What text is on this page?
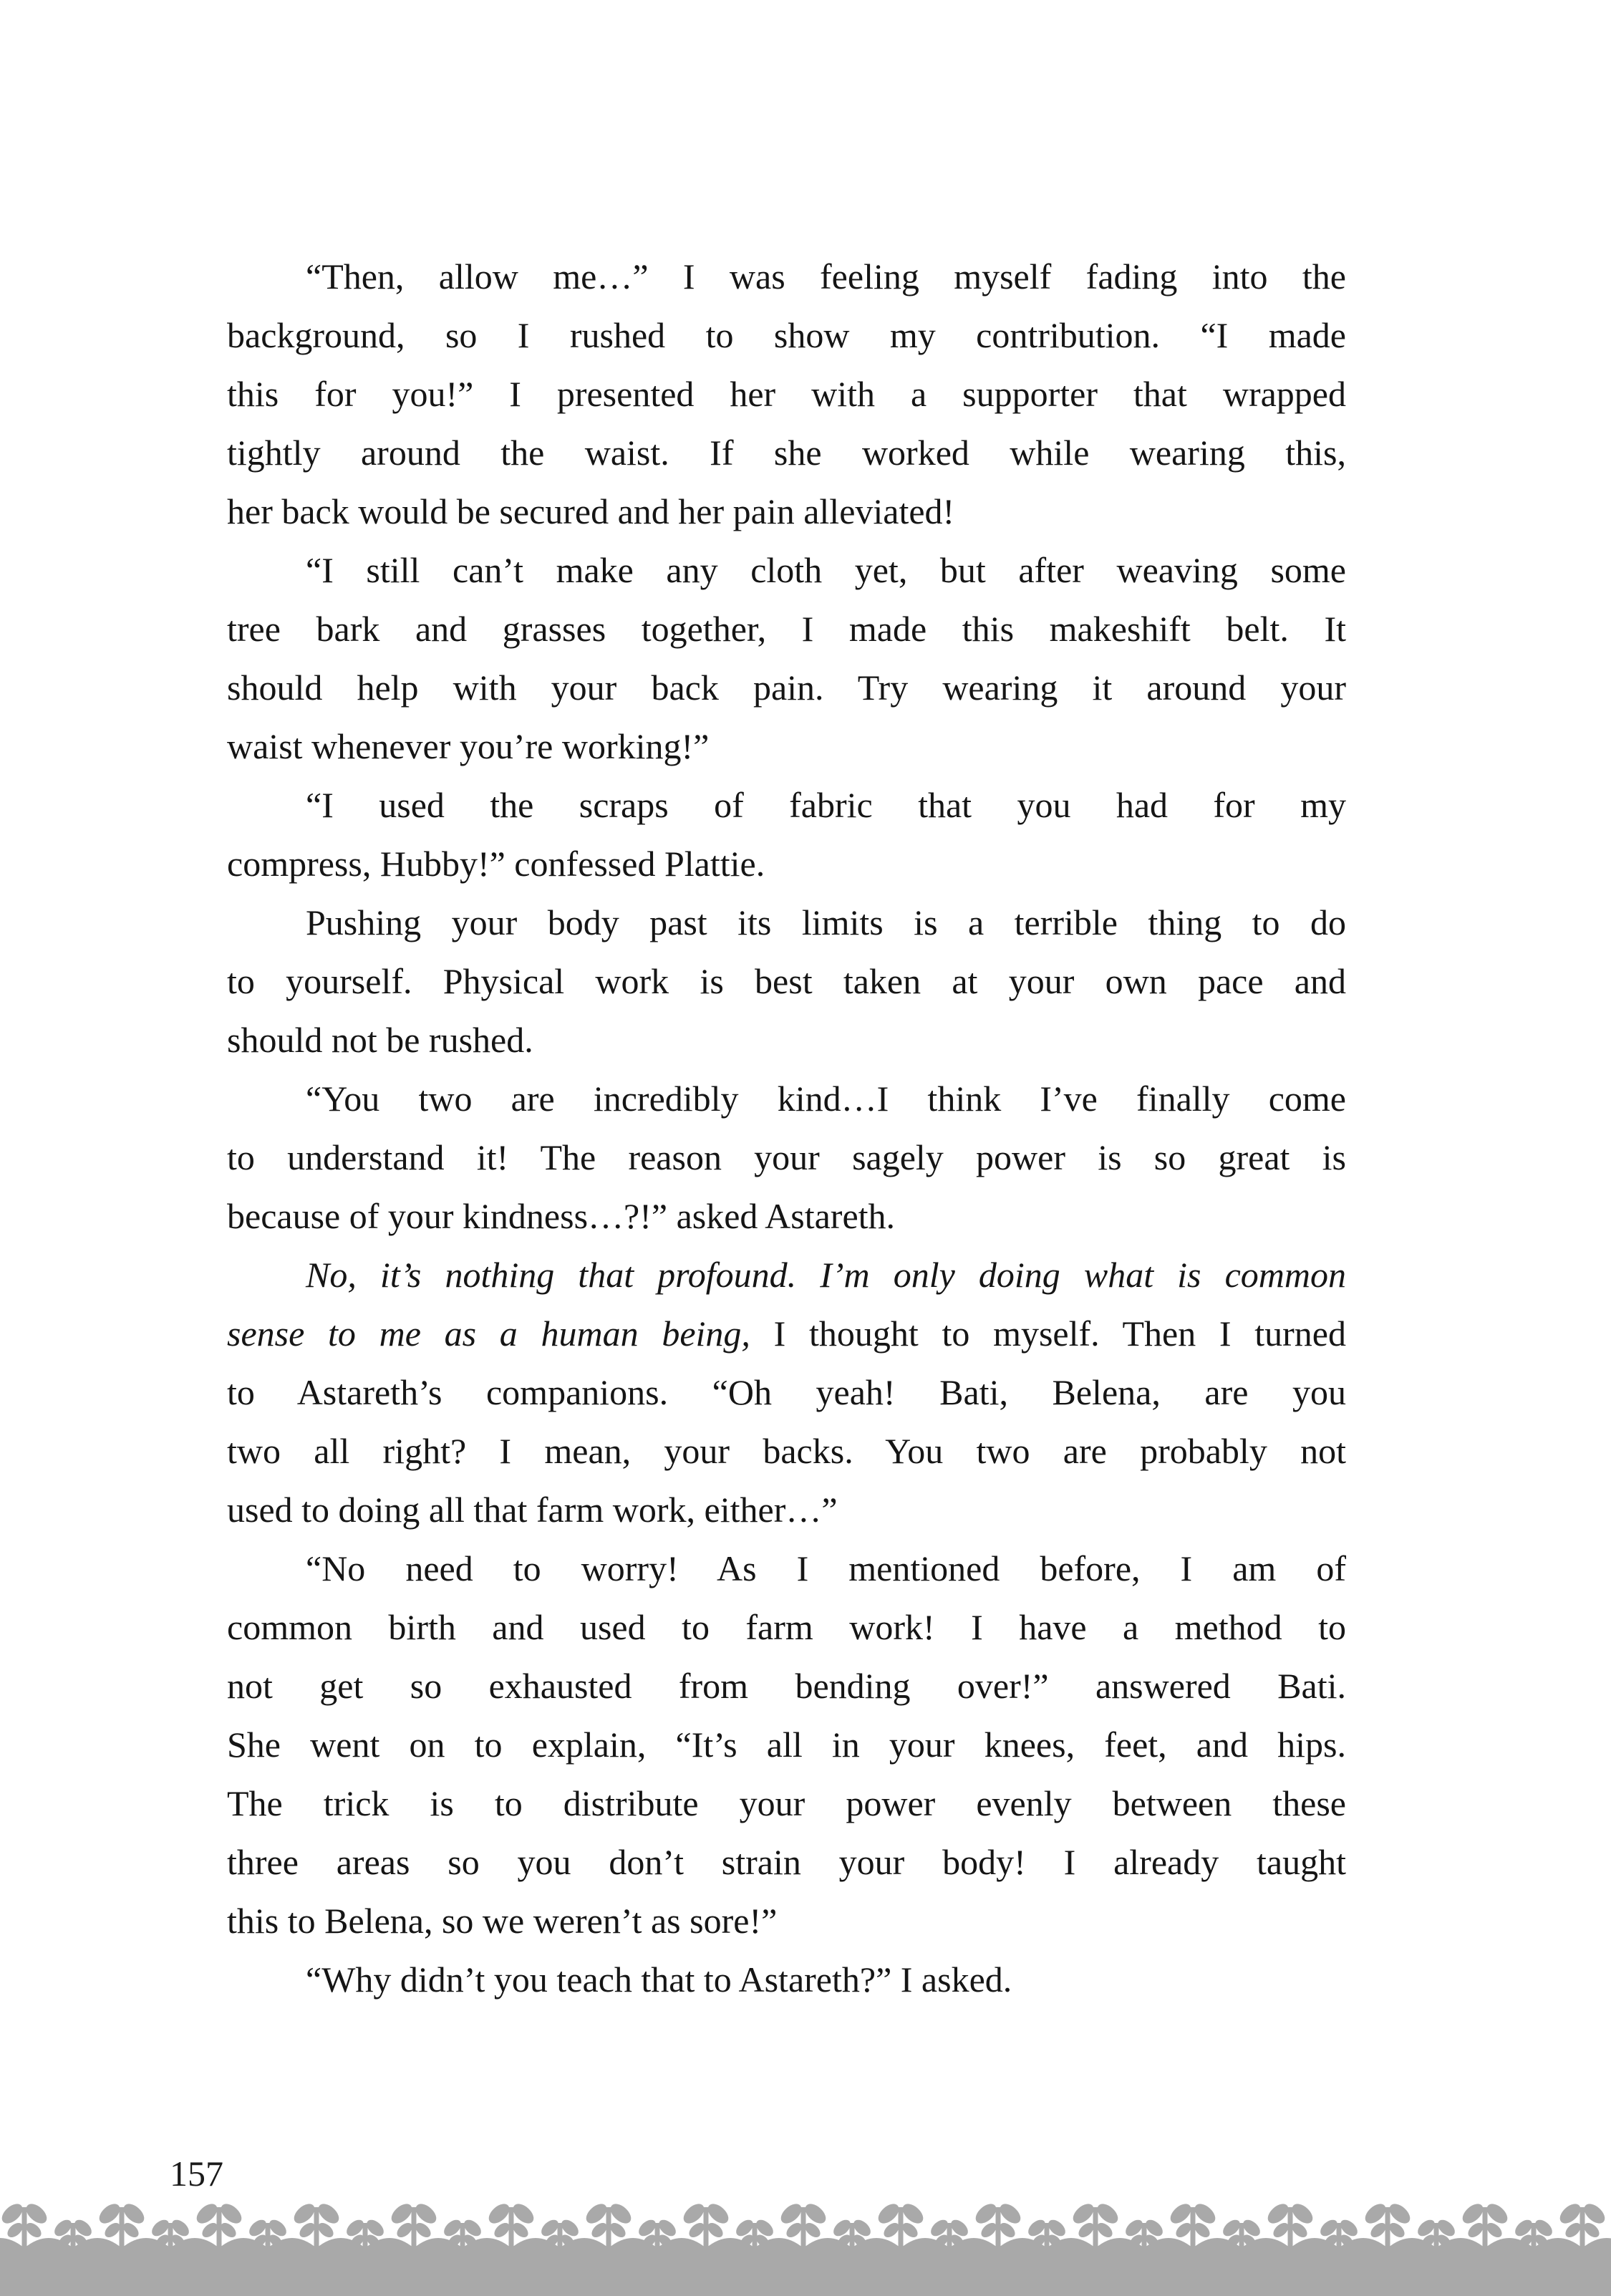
“Then, allow me…” I was feeling myself fading into the
background, so I rushed to show my contribution. “I made
this for you!” I presented her with a supporter that wrapped
tightly around the waist. If she worked while wearing this,
her back would be secured and her pain alleviated!
“I still can’t make any cloth yet, but after weaving some
tree bark and grasses together, I made this makeshift belt. It
should help with your back pain. Try wearing it around your
waist whenever you’re working!”
“I used the scraps of fabric that you had for my
compress, Hubby!” confessed Plattie.
Pushing your body past its limits is a terrible thing to do
to yourself. Physical work is best taken at your own pace and
should not be rushed.
“You two are incredibly kind…I think I’ve finally come
to understand it! The reason your sagely power is so great is
because of your kindness…?!” asked Astareth.
No, it’s nothing that profound. I’m only doing what is common
sense to me as a human being, I thought to myself. Then I turned
to Astareth’s companions. “Oh yeah! Bati, Belena, are you
two all right? I mean, your backs. You two are probably not
used to doing all that farm work, either…”
“No need to worry! As I mentioned before, I am of
common birth and used to farm work! I have a method to
not get so exhausted from bending over!” answered Bati.
She went on to explain, “It’s all in your knees, feet, and hips.
The trick is to distribute your power evenly between these
three areas so you don’t strain your body! I already taught
this to Belena, so we weren’t as sore!”
“Why didn’t you teach that to Astareth?” I asked.
157
